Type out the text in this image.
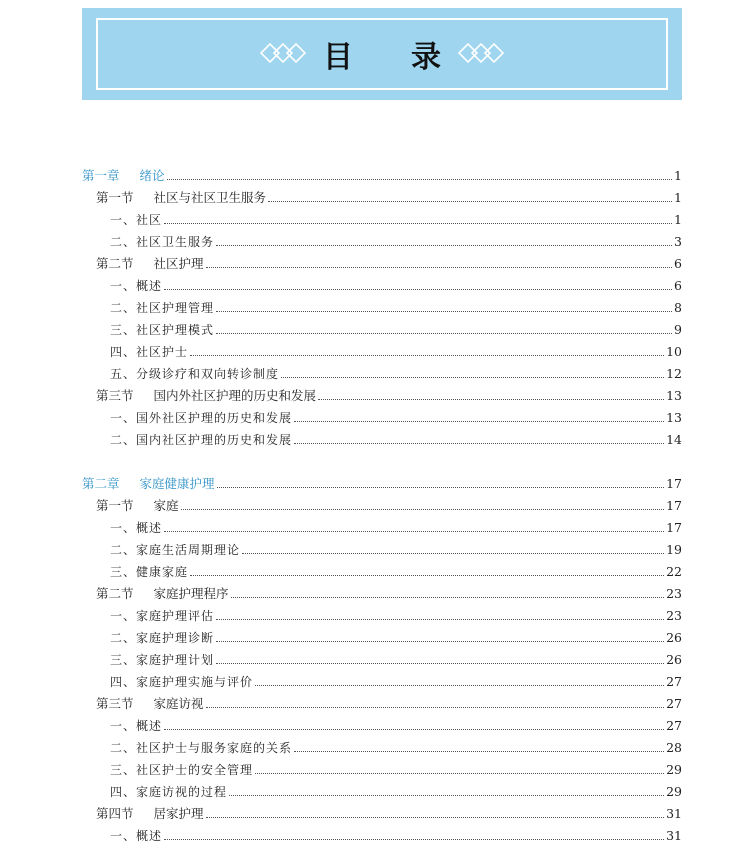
目 录
第一章 绪论	1
第一节 社区与社区卫生服务	1
一、社区	1
二、社区卫生服务	3
第二节 社区护理	6
一、概述	6
二、社区护理管理	8
三、社区护理模式	9
四、社区护士	10
五、分级诊疗和双向转诊制度	12
第三节 国内外社区护理的历史和发展	13
一、国外社区护理的历史和发展	13
二、国内社区护理的历史和发展	14
第二章 家庭健康护理	17
第一节 家庭	17
一、概述	17
二、家庭生活周期理论	19
三、健康家庭	22
第二节 家庭护理程序	23
一、家庭护理评估	23
二、家庭护理诊断	26
三、家庭护理计划	26
四、家庭护理实施与评价	27
第三节 家庭访视	27
一、概述	27
二、社区护士与服务家庭的关系	28
三、社区护士的安全管理	29
四、家庭访视的过程	29
第四节 居家护理	31
一、概述	31
